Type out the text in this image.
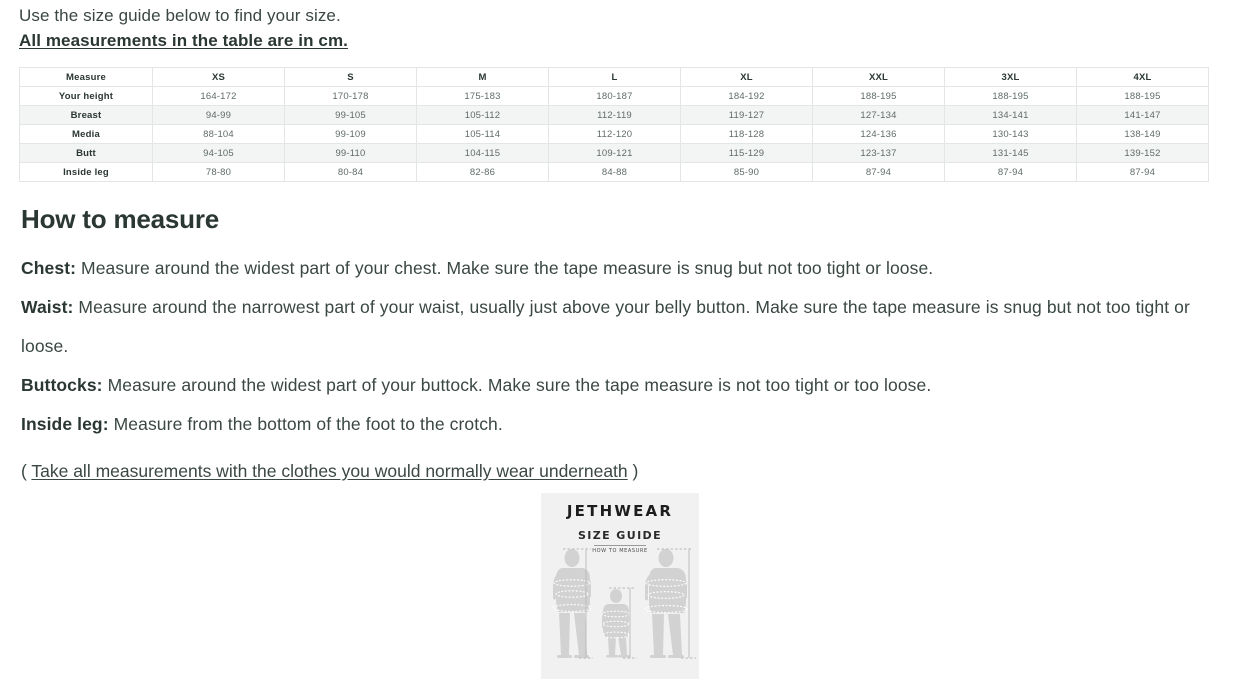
Use the size guide below to find your size.
All measurements in the table are in cm.
Measure	XS	S	M	L	XL	XXL	3XL	4XL
Your height	164-172	170-178	175-183	180-187	184-192	188-195	188-195	188-195
Breast	94-99	99-105	105-112	112-119	119-127	127-134	134-141	141-147
Media	88-104	99-109	105-114	112-120	118-128	124-136	130-143	138-149
Butt	94-105	99-110	104-115	109-121	115-129	123-137	131-145	139-152
Inside leg	78-80	80-84	82-86	84-88	85-90	87-94	87-94	87-94
How to measure
Chest: Measure around the widest part of your chest. Make sure the tape measure is snug but not too tight or loose.
Waist: Measure around the narrowest part of your waist, usually just above your belly button. Make sure the tape measure is snug but not too tight or loose.
Buttocks: Measure around the widest part of your buttock. Make sure the tape measure is not too tight or too loose.
Inside leg: Measure from the bottom of the foot to the crotch.
( Take all measurements with the clothes you would normally wear underneath )
JETHWEAR
SIZE GUIDE
HOW TO MEASURE
